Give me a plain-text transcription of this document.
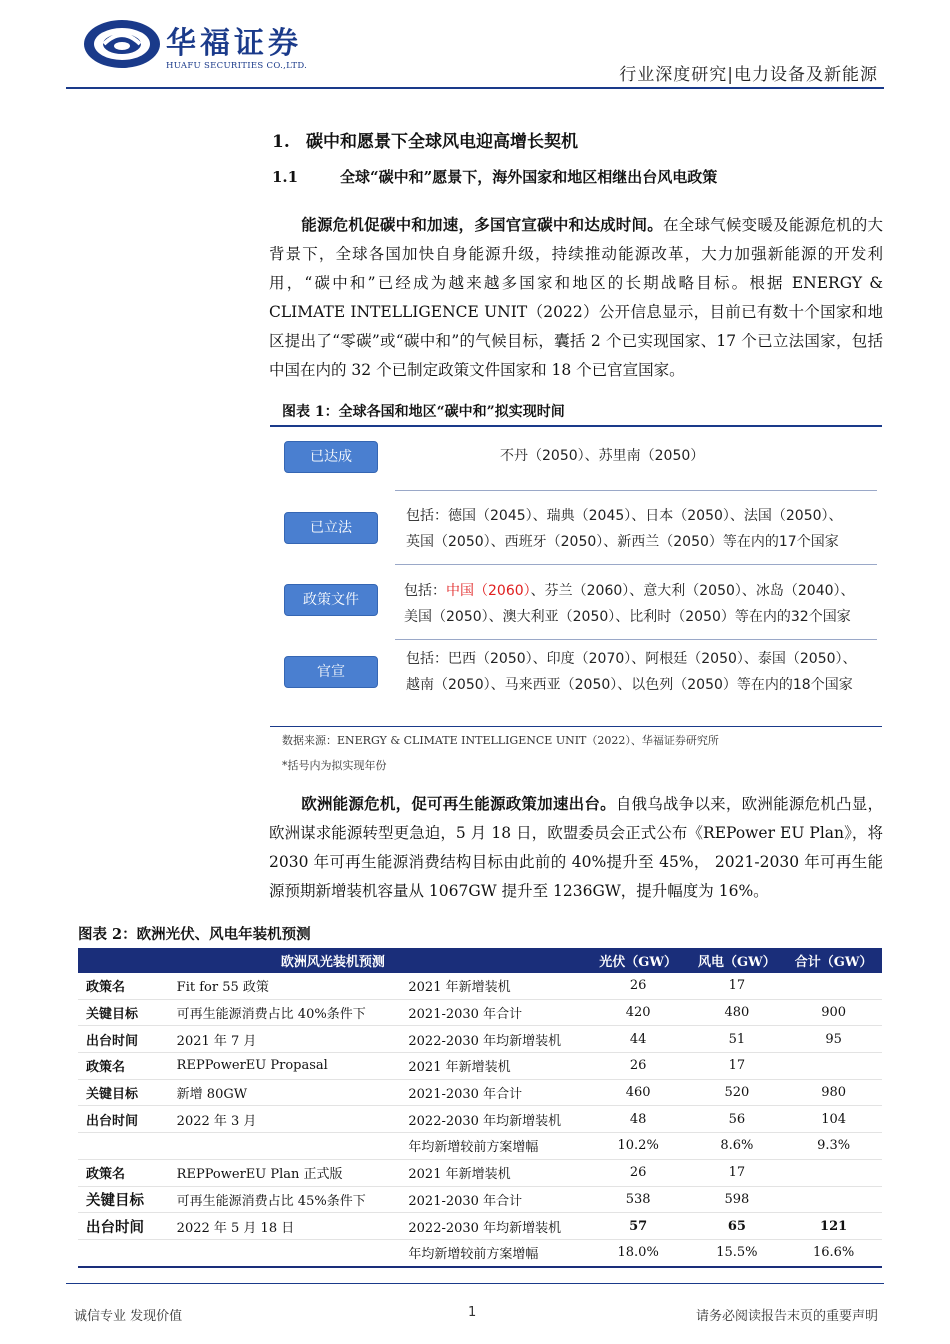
华福证券
HUAFU SECURITIES CO.,LTD.	行业深度研究|电力设备及新能源
1. 碳中和愿景下全球风电迎高增长契机
1.1	全球“碳中和”愿景下，海外国家和地区相继出台风电政策
能源危机促碳中和加速，多国官宣碳中和达成时间。在全球气候变暖及能源危机的大背景下，全球各国加快自身能源升级，持续推动能源改革，大力加强新能源的开发利用，“碳中和”已经成为越来越多国家和地区的长期战略目标。根据 ENERGY & CLIMATE INTELLIGENCE UNIT（2022）公开信息显示，目前已有数十个国家和地区提出了“零碳”或“碳中和”的气候目标，囊括 2 个已实现国家、17 个已立法国家，包括中国在内的 32 个已制定政策文件国家和 18 个已官宣国家。
图表 1：全球各国和地区“碳中和”拟实现时间
已达成	不丹（2050）、苏里南（2050）
已立法
包括：德国（2045）、瑞典（2045）、日本（2050）、法国（2050）、
英国（2050）、西班牙（2050）、新西兰（2050）等在内的17个国家
政策文件
包括：中国（2060）、芬兰（2060）、意大利（2050）、冰岛（2040）、
美国（2050）、澳大利亚（2050）、比利时（2050）等在内的32个国家
官宣
包括：巴西（2050）、印度（2070）、阿根廷（2050）、泰国（2050）、
越南（2050）、马来西亚（2050）、以色列（2050）等在内的18个国家
数据来源：ENERGY & CLIMATE INTELLIGENCE UNIT（2022）、华福证券研究所
*括号内为拟实现年份
欧洲能源危机，促可再生能源政策加速出台。自俄乌战争以来，欧洲能源危机凸显，欧洲谋求能源转型更急迫，5 月 18 日，欧盟委员会正式公布《REPower EU Plan》，将 2030 年可再生能源消费结构目标由此前的 40%提升至 45%， 2021-2030 年可再生能源预期新增装机容量从 1067GW 提升至 1236GW，提升幅度为 16%。
图表 2：欧洲光伏、风电年装机预测
欧洲风光装机预测			光伏（GW）	风电（GW）	合计（GW）
政策名	Fit for 55 政策	2021 年新增装机	26	17	
关键目标	可再生能源消费占比 40%条件下	2021-2030 年合计	420	480	900
出台时间	2021 年 7 月	2022-2030 年均新增装机	44	51	95
政策名	REPPowerEU Propasal	2021 年新增装机	26	17	
关键目标	新增 80GW	2021-2030 年合计	460	520	980
出台时间	2022 年 3 月	2022-2030 年均新增装机	48	56	104
		年均新增较前方案增幅	10.2%	8.6%	9.3%
政策名	REPPowerEU Plan 正式版	2021 年新增装机	26	17	
关键目标	可再生能源消费占比 45%条件下	2021-2030 年合计	538	598	
出台时间	2022 年 5 月 18 日	2022-2030 年均新增装机	57	65	121
		年均新增较前方案增幅	18.0%	15.5%	16.6%
诚信专业 发现价值	1	请务必阅读报告末页的重要声明
